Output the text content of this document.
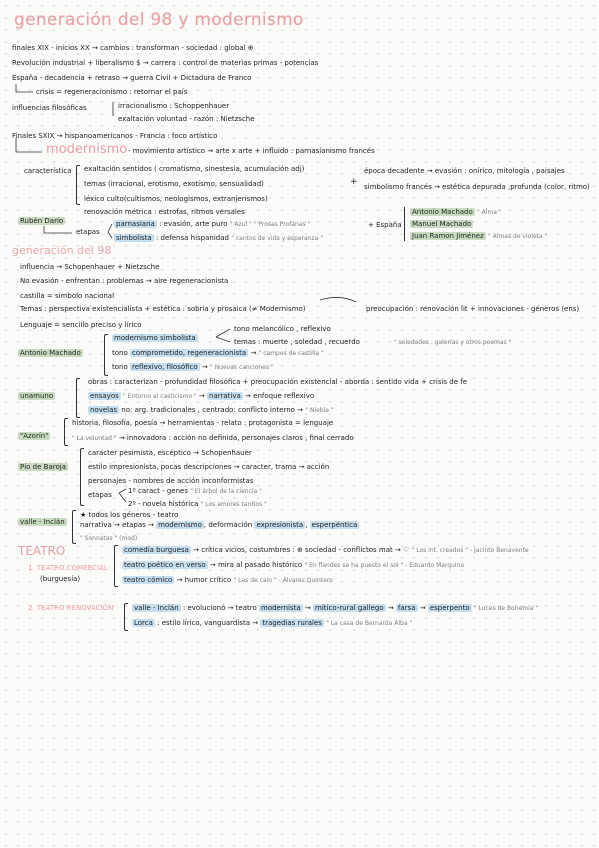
generación del 98 y modernismo
finales XIX - inicios XX → cambios : transforman - sociedad : global ⊕
Revolución industrial + liberalismo $ → carrera : control de materias primas - potencias
España - decadencia + retraso → guerra Civil + Dictadura de Franco
crisis = regeneracionismo : retornar el país
influencias filosóficas	irracionalismo : Schoppenhauer
exaltación voluntad - razón : Nietzsche
Finales SXIX → hispanoamericanos - Francia : foco artístico
modernismo - movimiento artístico → arte x arte + influido : parnasianismo francés
característica exaltación sentidos ( cromatismo, sinestesia, acumulación adj)
temas (irracional, erotismo, exotismo, sensualidad)
léxico culto(cultismos, neologismos, extranjerismos)
+
época decadente → evasión : onírico, mitología , paisajes
simbolismo francés → estética depurada ,profunda (color, ritmo)
Rubén Darío
renovación métrica : estrofas, ritmos versales
etapas
parnasiana : evasión, arte puro " Azul " " Prosas Profanas "
simbolista : defensa hispanidad " cantos de vida y esperanza "
+ España
Antonio Machado " Alma "
Manuel Machado
Juan Ramon Jiménez " Almas de violeta "
generación del 98
influencia → Schopenhauer + Nietzsche
No evasión - enfrentan : problemas → aire regeneracionista
castilla = símbolo nacional
Temas : perspectiva existencialista + estética : sobria y prosaica (≠ Modernismo)	preocupación : renovación lit + innovaciones - géneros (ens)
Lenguaje = sencillo preciso y lírico
Antonio Machado
modernismo simbolista
tono melancólico , reflexivo
temas : muerte , soledad , recuerdo	" soledades , galerías y otros poemas "
tono comprometido, regeneracionista → " campos de castilla "
tono reflexivo, filosófico → " Nuevas canciones "
unamuno
obras : caracterizan - profundidad filosófica + preocupación existencial - aborda : sentido vida + crisis de fe
ensayos " Entorno al casticismo " → narrativa → enfoque reflexivo
novelas no: arg. tradicionales , centrado: conflicto interno → " Niebla "
"Azorín"
historia, filosofía, poesía → herramientas - relato : protagonista = lenguaje
" La voluntad " → innovadora : acción no definida, personajes claros , final cerrado
Pío de Baroja
caracter pesimista, escéptico → Schopenhauer
estilo impresionista, pocas descripciones → caracter, trama → acción
personajes - nombres de acción inconformistas
etapas 1º caract - genes " El árbol de la ciencia "
2º - novela histórica " Los amores tardíos "
valle - Inclán
★ todos los géneros - teatro
narrativa → etapas → modernismo , deformación expresionista , esperpéntica
" Sonnatas " (mod)
TEATRO
1. TEATRO COMERCIAL
(burguesía)
comedia burguesa → critica vicios, costumbres : ⊕ sociedad - conflictos mat → ♡ " Los int. creados " - Jacinto Benavente
teatro poético en verso → mira al pasado histórico " En flandes se ha puesto el sol " - Eduardo Marquina
teatro cómico → humor crítico " Las de caín " - Álvarez Quintero
2. TEATRO RENOVACIÓN	valle - Inclán : evolucionó → teatro modernista → mítico-rural gallego → farsa → esperpento " Luces de Bohemia "
Lorca : estilo lírico, vanguardista → tragedias rurales " La casa de Bernarda Alba "
